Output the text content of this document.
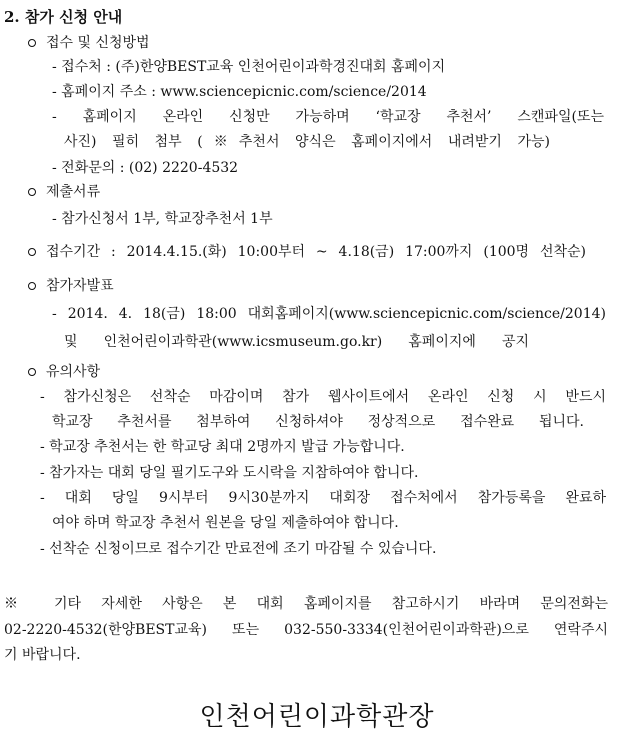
2. 참가 신청 안내
접수 및 신청방법
- 접수처 : (주)한양BEST교육 인천어린이과학경진대회 홈페이지
- 홈페이지 주소 : www.sciencepicnic.com/science/2014
- 홈페이지 온라인 신청만 가능하며 ‘학교장 추천서’ 스캔파일(또는
사진) 필히 첨부 (※추천서 양식은 홈페이지에서 내려받기 가능)
- 전화문의 : (02) 2220-4532
제출서류
- 참가신청서 1부, 학교장추천서 1부
접수기간 : 2014.4.15.(화) 10:00부터 ~ 4.18(금) 17:00까지 (100명 선착순)
참가자발표
- 2014. 4. 18(금) 18:00 대회홈페이지(www.sciencepicnic.com/science/2014)
및 인천어린이과학관(www.icsmuseum.go.kr) 홈페이지에 공지
유의사항
- 참가신청은 선착순 마감이며 참가 웹사이트에서 온라인 신청 시 반드시
학교장 추천서를 첨부하여 신청하셔야 정상적으로 접수완료 됩니다.
- 학교장 추천서는 한 학교당 최대 2명까지 발급 가능합니다.
- 참가자는 대회 당일 필기도구와 도시락을 지참하여야 합니다.
- 대회 당일 9시부터 9시30분까지 대회장 접수처에서 참가등록을 완료하
여야 하며 학교장 추천서 원본을 당일 제출하여야 합니다.
- 선착순 신청이므로 접수기간 만료전에 조기 마감될 수 있습니다.
※ 기타 자세한 사항은 본 대회 홈페이지를 참고하시기 바라며 문의전화는
02-2220-4532(한양BEST교육) 또는 032-550-3334(인천어린이과학관)으로 연락주시
기 바랍니다.
인천어린이과학관장
